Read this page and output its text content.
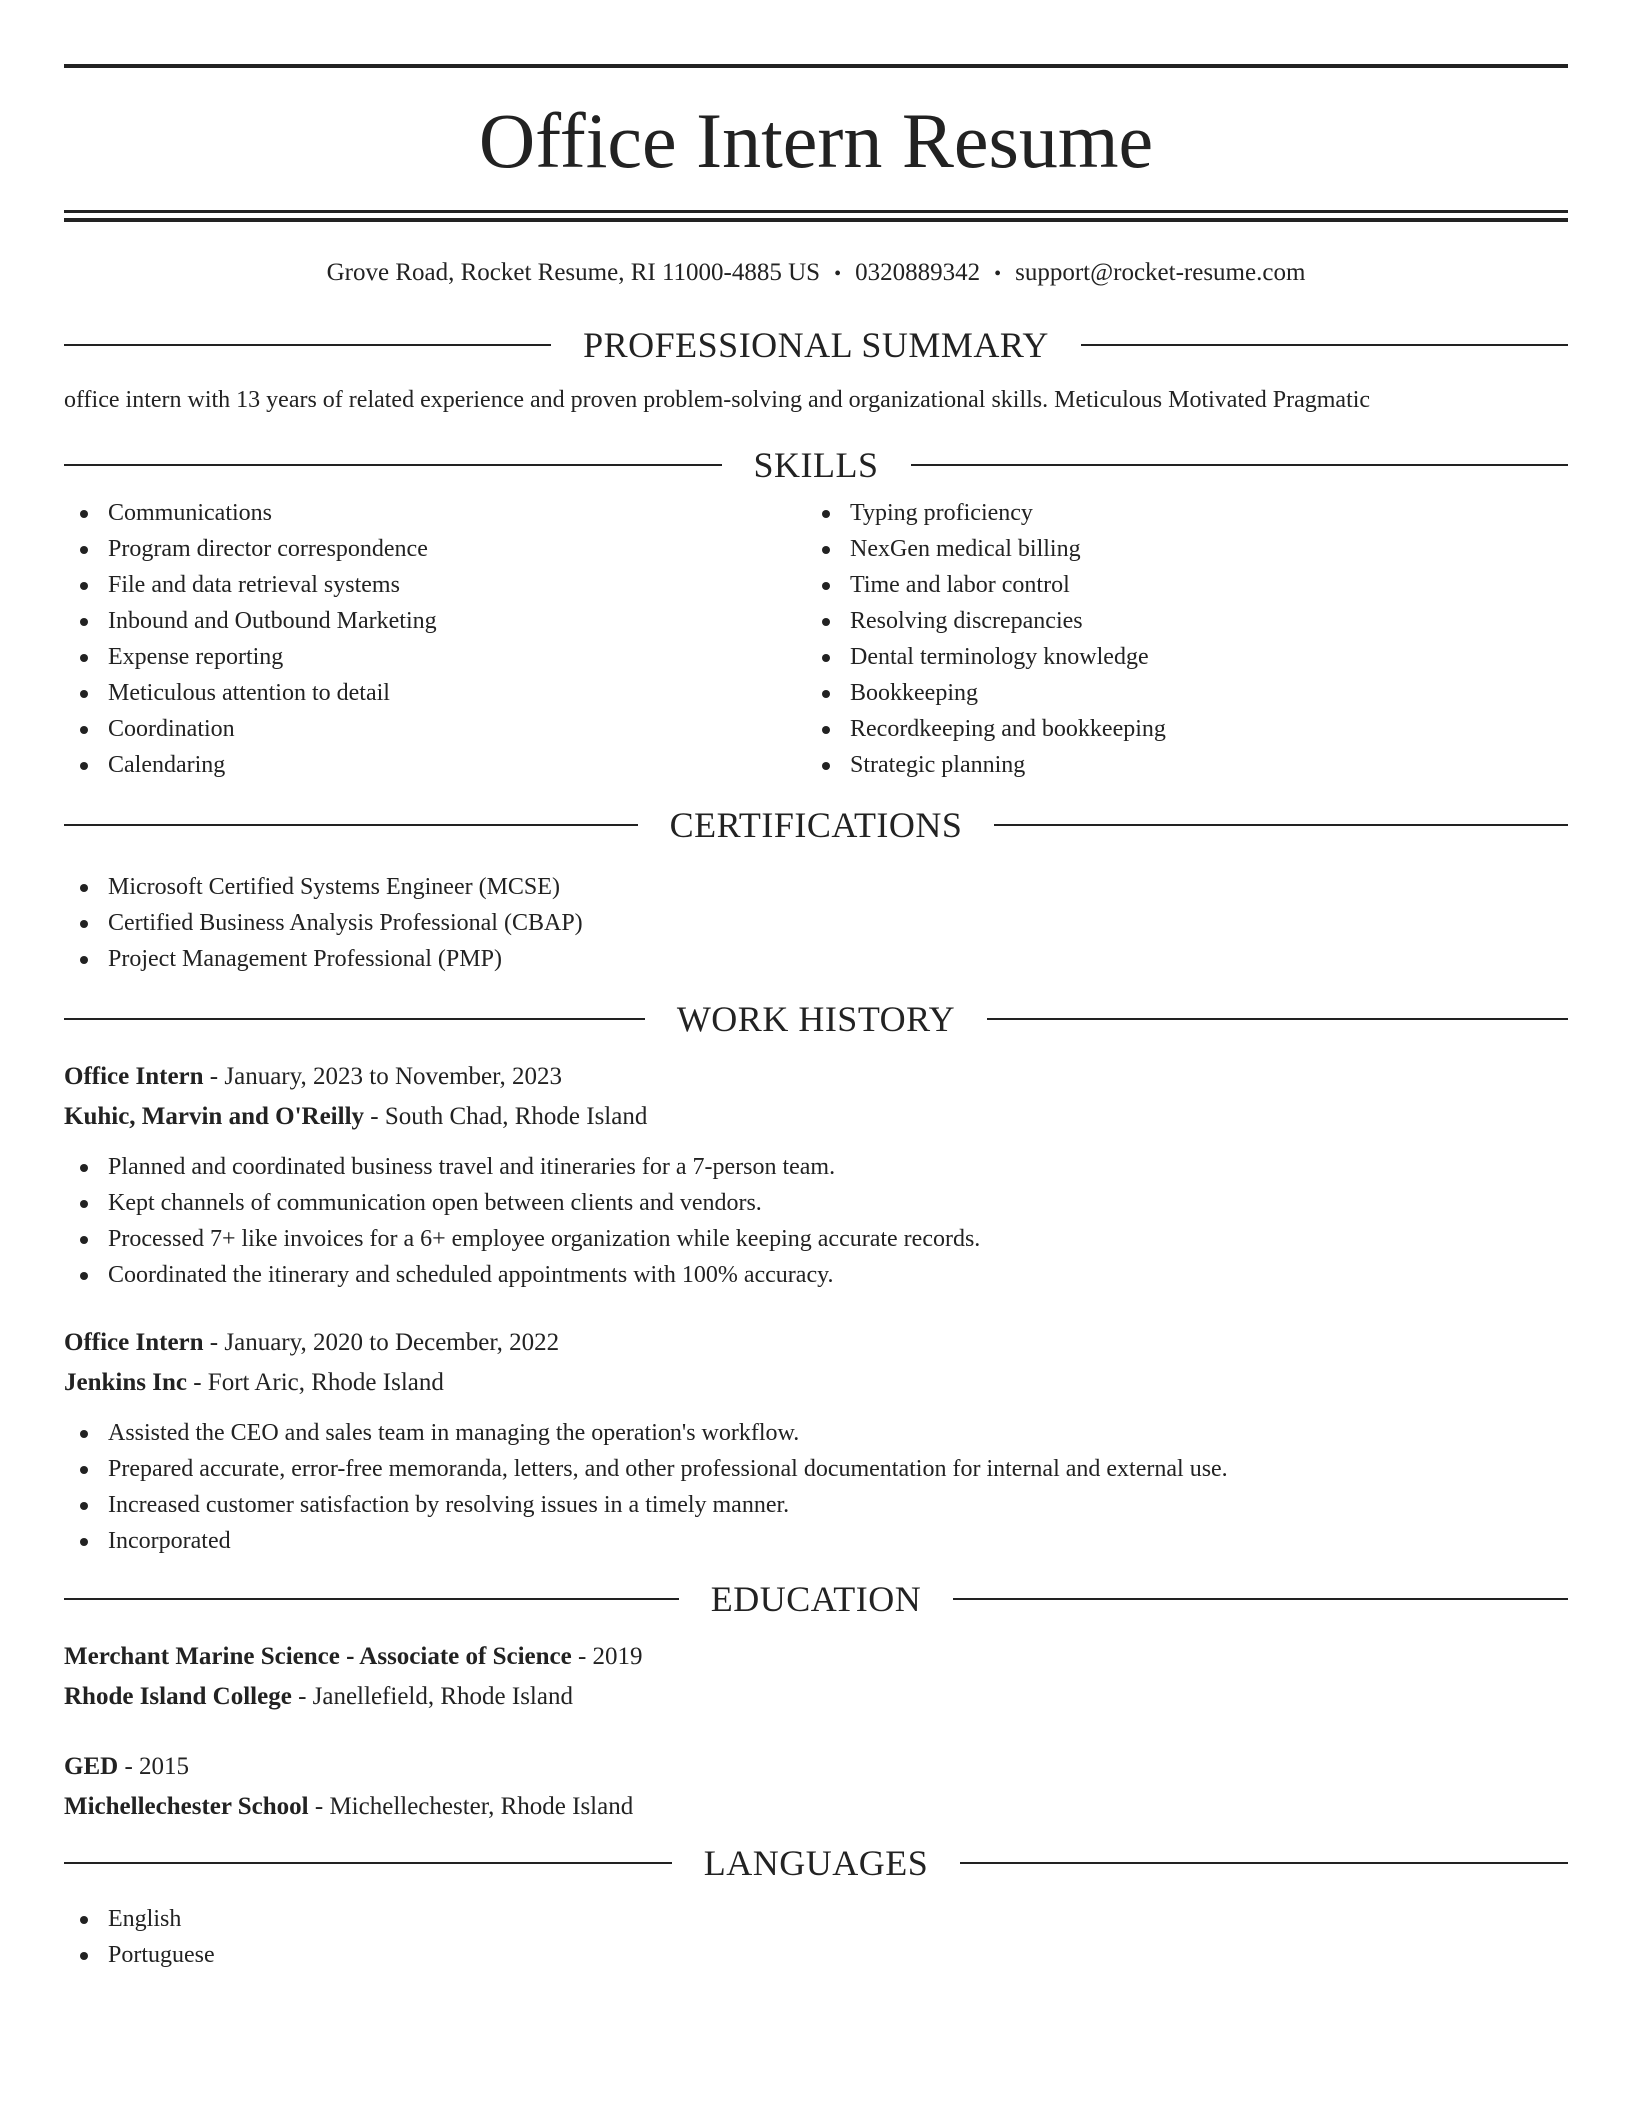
Office Intern Resume
Grove Road, Rocket Resume, RI 11000-4885 US • 0320889342 • support@rocket-resume.com
PROFESSIONAL SUMMARY
office intern with 13 years of related experience and proven problem-solving and organizational skills. Meticulous Motivated Pragmatic
SKILLS
Communications
Program director correspondence
File and data retrieval systems
Inbound and Outbound Marketing
Expense reporting
Meticulous attention to detail
Coordination
Calendaring
Typing proficiency
NexGen medical billing
Time and labor control
Resolving discrepancies
Dental terminology knowledge
Bookkeeping
Recordkeeping and bookkeeping
Strategic planning
CERTIFICATIONS
Microsoft Certified Systems Engineer (MCSE)
Certified Business Analysis Professional (CBAP)
Project Management Professional (PMP)
WORK HISTORY
Office Intern - January, 2023 to November, 2023
Kuhic, Marvin and O'Reilly - South Chad, Rhode Island
Planned and coordinated business travel and itineraries for a 7-person team.
Kept channels of communication open between clients and vendors.
Processed 7+ like invoices for a 6+ employee organization while keeping accurate records.
Coordinated the itinerary and scheduled appointments with 100% accuracy.
Office Intern - January, 2020 to December, 2022
Jenkins Inc - Fort Aric, Rhode Island
Assisted the CEO and sales team in managing the operation's workflow.
Prepared accurate, error-free memoranda, letters, and other professional documentation for internal and external use.
Increased customer satisfaction by resolving issues in a timely manner.
Incorporated
EDUCATION
Merchant Marine Science - Associate of Science - 2019
Rhode Island College - Janellefield, Rhode Island
GED - 2015
Michellechester School - Michellechester, Rhode Island
LANGUAGES
English
Portuguese
